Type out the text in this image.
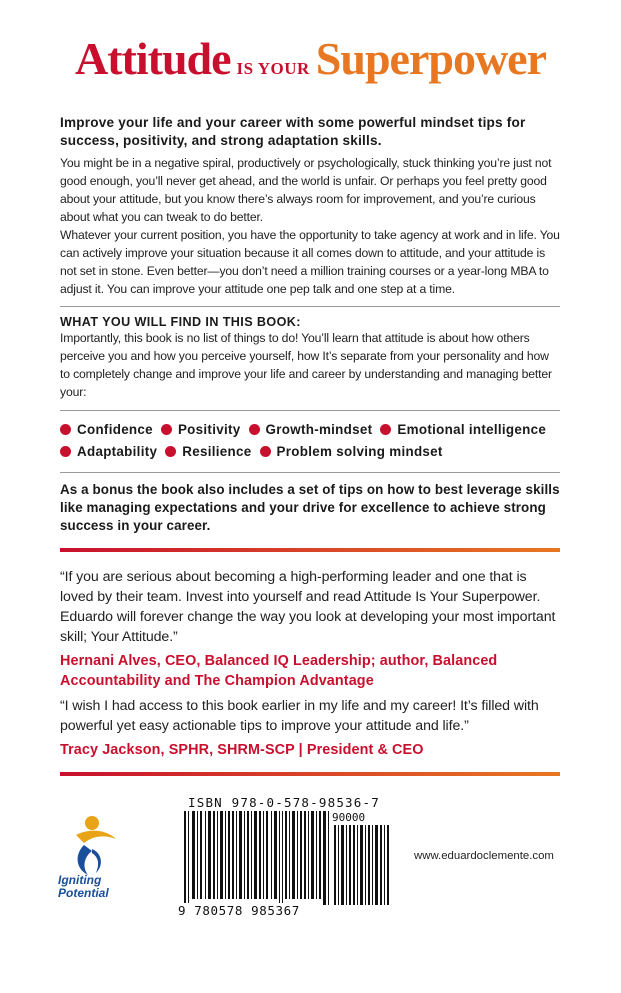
Attitude IS YOUR Superpower

Improve your life and your career with some powerful mindset tips for success, positivity, and strong adaptation skills.

You might be in a negative spiral, productively or psychologically, stuck thinking you’re just not good enough, you’ll never get ahead, and the world is unfair. Or perhaps you feel pretty good about your attitude, but you know there’s always room for improvement, and you’re curious about what you can tweak to do better.

Whatever your current position, you have the opportunity to take agency at work and in life. You can actively improve your situation because it all comes down to attitude, and your attitude is not set in stone. Even better—you don’t need a million training courses or a year-long MBA to adjust it. You can improve your attitude one pep talk and one step at a time.

WHAT YOU WILL FIND IN THIS BOOK:

Importantly, this book is no list of things to do! You’ll learn that attitude is about how others perceive you and how you perceive yourself, how It’s separate from your personality and how to completely change and improve your life and career by understanding and managing better your:

Confidence Positivity Growth-mindset Emotional intelligence
Adaptability Resilience Problem solving mindset

As a bonus the book also includes a set of tips on how to best leverage skills like managing expectations and your drive for excellence to achieve strong success in your career.

“If you are serious about becoming a high-performing leader and one that is loved by their team. Invest into yourself and read Attitude Is Your Superpower. Eduardo will forever change the way you look at developing your most important skill; Your Attitude.”

Hernani Alves, CEO, Balanced IQ Leadership; author, Balanced Accountability and The Champion Advantage

“I wish I had access to this book earlier in my life and my career! It’s filled with powerful yet easy actionable tips to improve your attitude and life.”

Tracy Jackson, SPHR, SHRM-SCP | President & CEO

Igniting
Potential
ISBN 978-0-578-98536-7
90000
9 780578 985367
www.eduardoclemente.com
